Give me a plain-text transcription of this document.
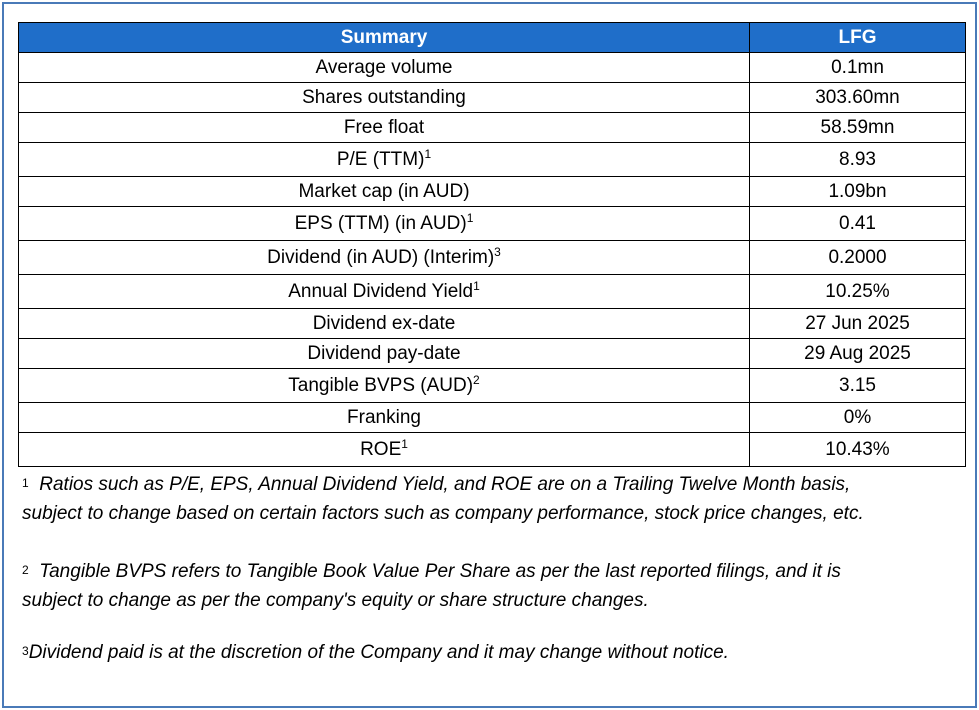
Summary	LFG
Average volume	0.1mn
Shares outstanding	303.60mn
Free float	58.59mn
P/E (TTM)$^1$	8.93
Market cap (in AUD)	1.09bn
EPS (TTM) (in AUD)$^1$	0.41
Dividend (in AUD) (Interim)$^3$	0.2000
Annual Dividend Yield$^1$	10.25%
Dividend ex-date	27 Jun 2025
Dividend pay-date	29 Aug 2025
Tangible BVPS (AUD)$^2$	3.15
Franking	0%
ROE$^1$	10.43%

$^1$ Ratios such as P/E, EPS, Annual Dividend Yield, and ROE are on a Trailing Twelve Month basis,
subject to change based on certain factors such as company performance, stock price changes, etc.

$^2$ Tangible BVPS refers to Tangible Book Value Per Share as per the last reported filings, and it is
subject to change as per the company's equity or share structure changes.

$^3$Dividend paid is at the discretion of the Company and it may change without notice.
